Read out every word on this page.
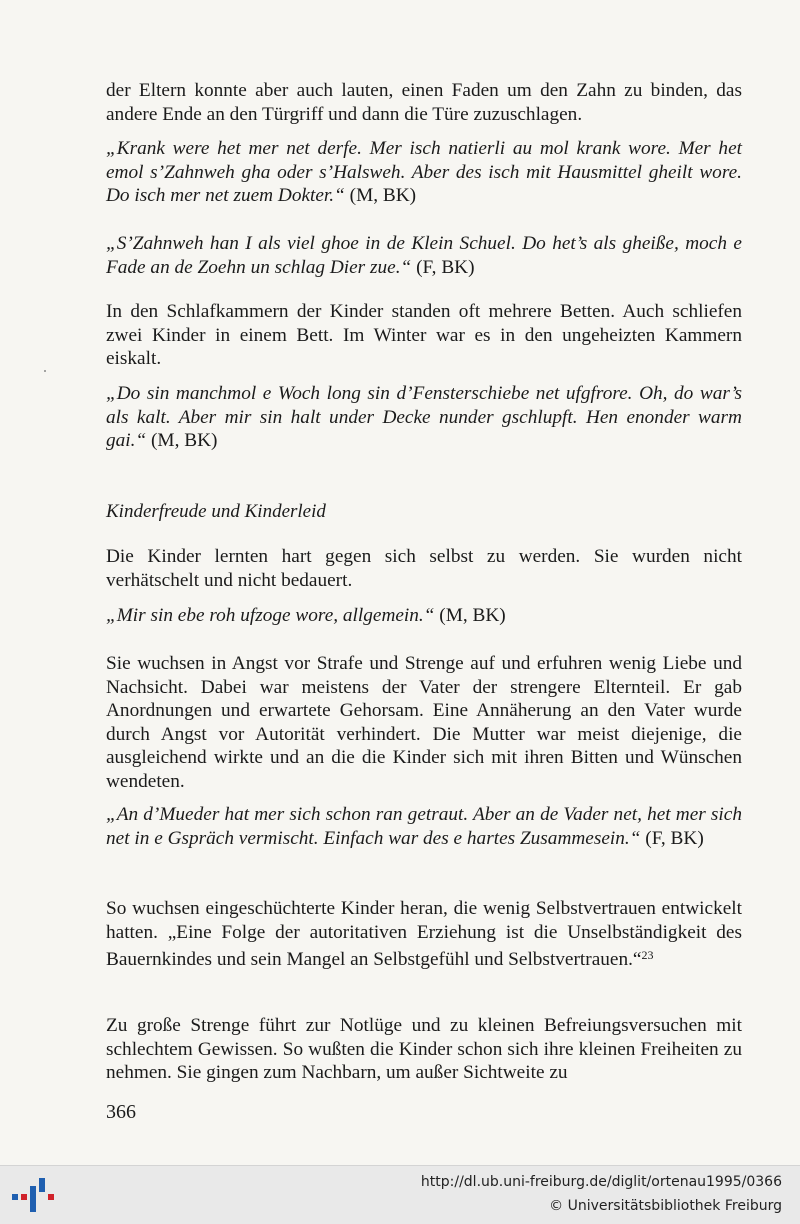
der Eltern konnte aber auch lauten, einen Faden um den Zahn zu binden, das andere Ende an den Türgriff und dann die Türe zuzuschlagen.
„Krank were het mer net derfe. Mer isch natierli au mol krank wore. Mer het emol s’Zahnweh gha oder s’Halsweh. Aber des isch mit Hausmittel gheilt wore. Do isch mer net zuem Dokter.“ (M, BK)
„S’Zahnweh han I als viel ghoe in de Klein Schuel. Do het’s als gheiße, moch e Fade an de Zoehn un schlag Dier zue.“ (F, BK)
In den Schlafkammern der Kinder standen oft mehrere Betten. Auch schliefen zwei Kinder in einem Bett. Im Winter war es in den ungeheizten Kammern eiskalt.
„Do sin manchmol e Woch long sin d’Fensterschiebe net ufgfrore. Oh, do war’s als kalt. Aber mir sin halt under Decke nunder gschlupft. Hen enonder warm gai.“ (M, BK)
Kinderfreude und Kinderleid
Die Kinder lernten hart gegen sich selbst zu werden. Sie wurden nicht verhätschelt und nicht bedauert.
„Mir sin ebe roh ufzoge wore, allgemein.“ (M, BK)
Sie wuchsen in Angst vor Strafe und Strenge auf und erfuhren wenig Liebe und Nachsicht. Dabei war meistens der Vater der strengere Elternteil. Er gab Anordnungen und erwartete Gehorsam. Eine Annäherung an den Vater wurde durch Angst vor Autorität verhindert. Die Mutter war meist diejenige, die ausgleichend wirkte und an die die Kinder sich mit ihren Bitten und Wünschen wendeten.
„An d’Mueder hat mer sich schon ran getraut. Aber an de Vader net, het mer sich net in e Gspräch vermischt. Einfach war des e hartes Zusammesein.“ (F, BK)
So wuchsen eingeschüchterte Kinder heran, die wenig Selbstvertrauen entwickelt hatten. „Eine Folge der autoritativen Erziehung ist die Unselbständigkeit des Bauernkindes und sein Mangel an Selbstgefühl und Selbstvertrauen.“$^{23}$
Zu große Strenge führt zur Notlüge und zu kleinen Befreiungsversuchen mit schlechtem Gewissen. So wußten die Kinder schon sich ihre kleinen Freiheiten zu nehmen. Sie gingen zum Nachbarn, um außer Sichtweite zu
366
http://dl.ub.uni-freiburg.de/diglit/ortenau1995/0366
© Universitätsbibliothek Freiburg
